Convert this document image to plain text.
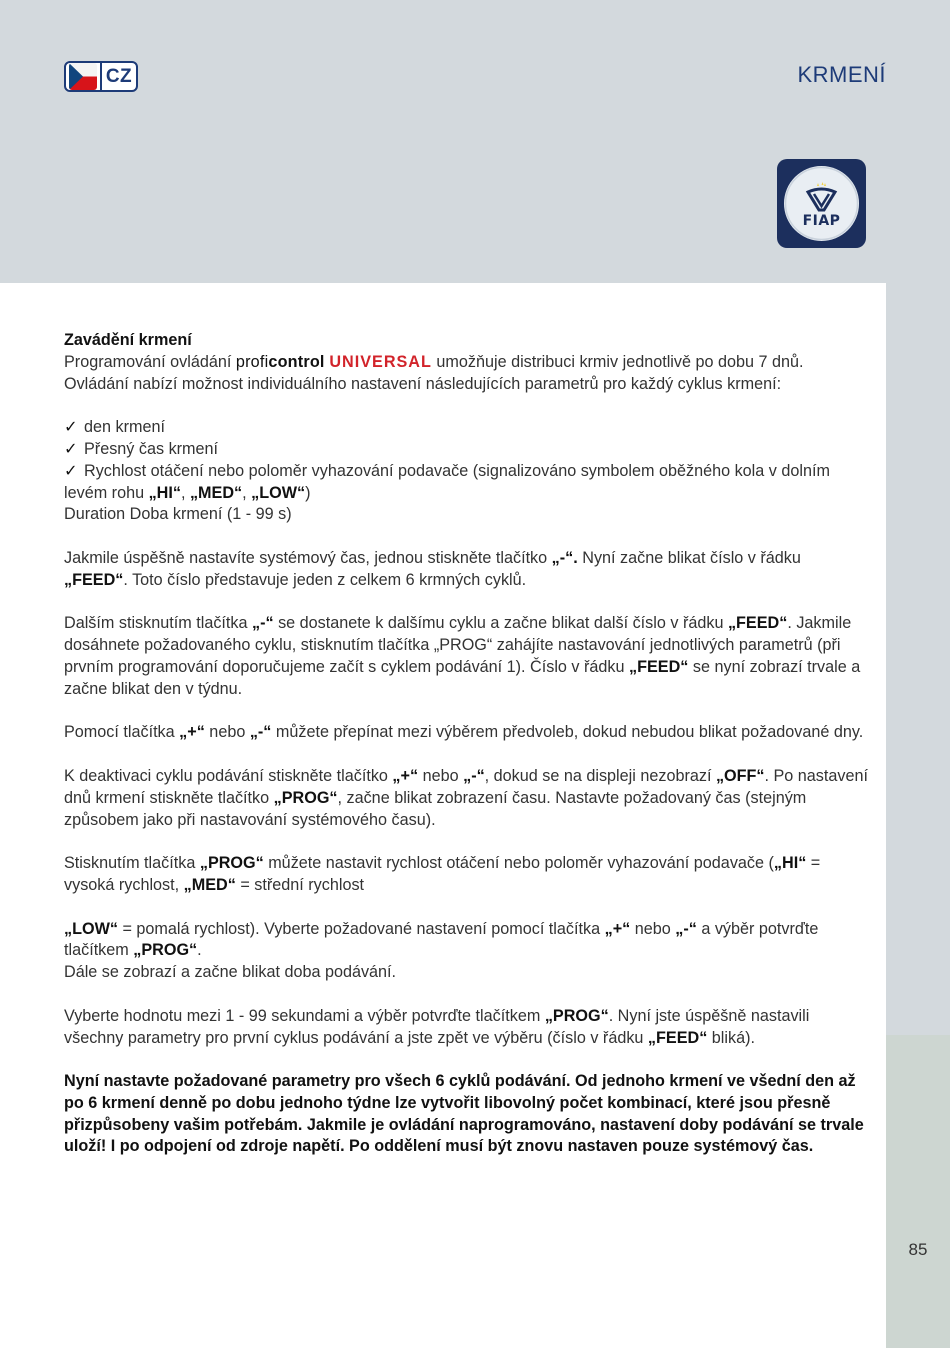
CZ	KRMENÍ
FIAP

Zavádění krmení

Programování ovládání proficontrol UNIVERSAL umožňuje distribuci krmiv jednotlivě po dobu 7 dnů. Ovládání nabízí možnost individuálního nastavení následujících parametrů pro každý cyklus krmení:

✓ den krmení
✓ Přesný čas krmení
✓ Rychlost otáčení nebo poloměr vyhazování podavače (signalizováno symbolem oběžného kola v dolním levém rohu „HI“, „MED“, „LOW“)

Duration Doba krmení (1 - 99 s)

Jakmile úspěšně nastavíte systémový čas, jednou stiskněte tlačítko „-“. Nyní začne blikat číslo v řádku „FEED“. Toto číslo představuje jeden z celkem 6 krmných cyklů.

Dalším stisknutím tlačítka „-“ se dostanete k dalšímu cyklu a začne blikat další číslo v řádku „FEED“. Jakmile dosáhnete požadovaného cyklu, stisknutím tlačítka „PROG“ zahájíte nastavování jednotlivých parametrů (při prvním programování doporučujeme začít s cyklem podávání 1). Číslo v řádku „FEED“ se nyní zobrazí trvale a začne blikat den v týdnu.

Pomocí tlačítka „+“ nebo „-“ můžete přepínat mezi výběrem předvoleb, dokud nebudou blikat požadované dny.

K deaktivaci cyklu podávání stiskněte tlačítko „+“ nebo „-“, dokud se na displeji nezobrazí „OFF“. Po nastavení dnů krmení stiskněte tlačítko „PROG“, začne blikat zobrazení času. Nastavte požadovaný čas (stejným způsobem jako při nastavování systémového času).

Stisknutím tlačítka „PROG“ můžete nastavit rychlost otáčení nebo poloměr vyhazování podavače („HI“ = vysoká rychlost, „MED“ = střední rychlost

„LOW“ = pomalá rychlost). Vyberte požadované nastavení pomocí tlačítka „+“ nebo „-“ a výběr potvrďte tlačítkem „PROG“.

Dále se zobrazí a začne blikat doba podávání.

Vyberte hodnotu mezi 1 - 99 sekundami a výběr potvrďte tlačítkem „PROG“. Nyní jste úspěšně nastavili všechny parametry pro první cyklus podávání a jste zpět ve výběru (číslo v řádku „FEED“ bliká).

Nyní nastavte požadované parametry pro všech 6 cyklů podávání. Od jednoho krmení ve všední den až po 6 krmení denně po dobu jednoho týdne lze vytvořit libovolný počet kombinací, které jsou přesně přizpůsobeny vašim potřebám. Jakmile je ovládání naprogramováno, nastavení doby podávání se trvale uloží! I po odpojení od zdroje napětí. Po oddělení musí být znovu nastaven pouze systémový čas.

85
